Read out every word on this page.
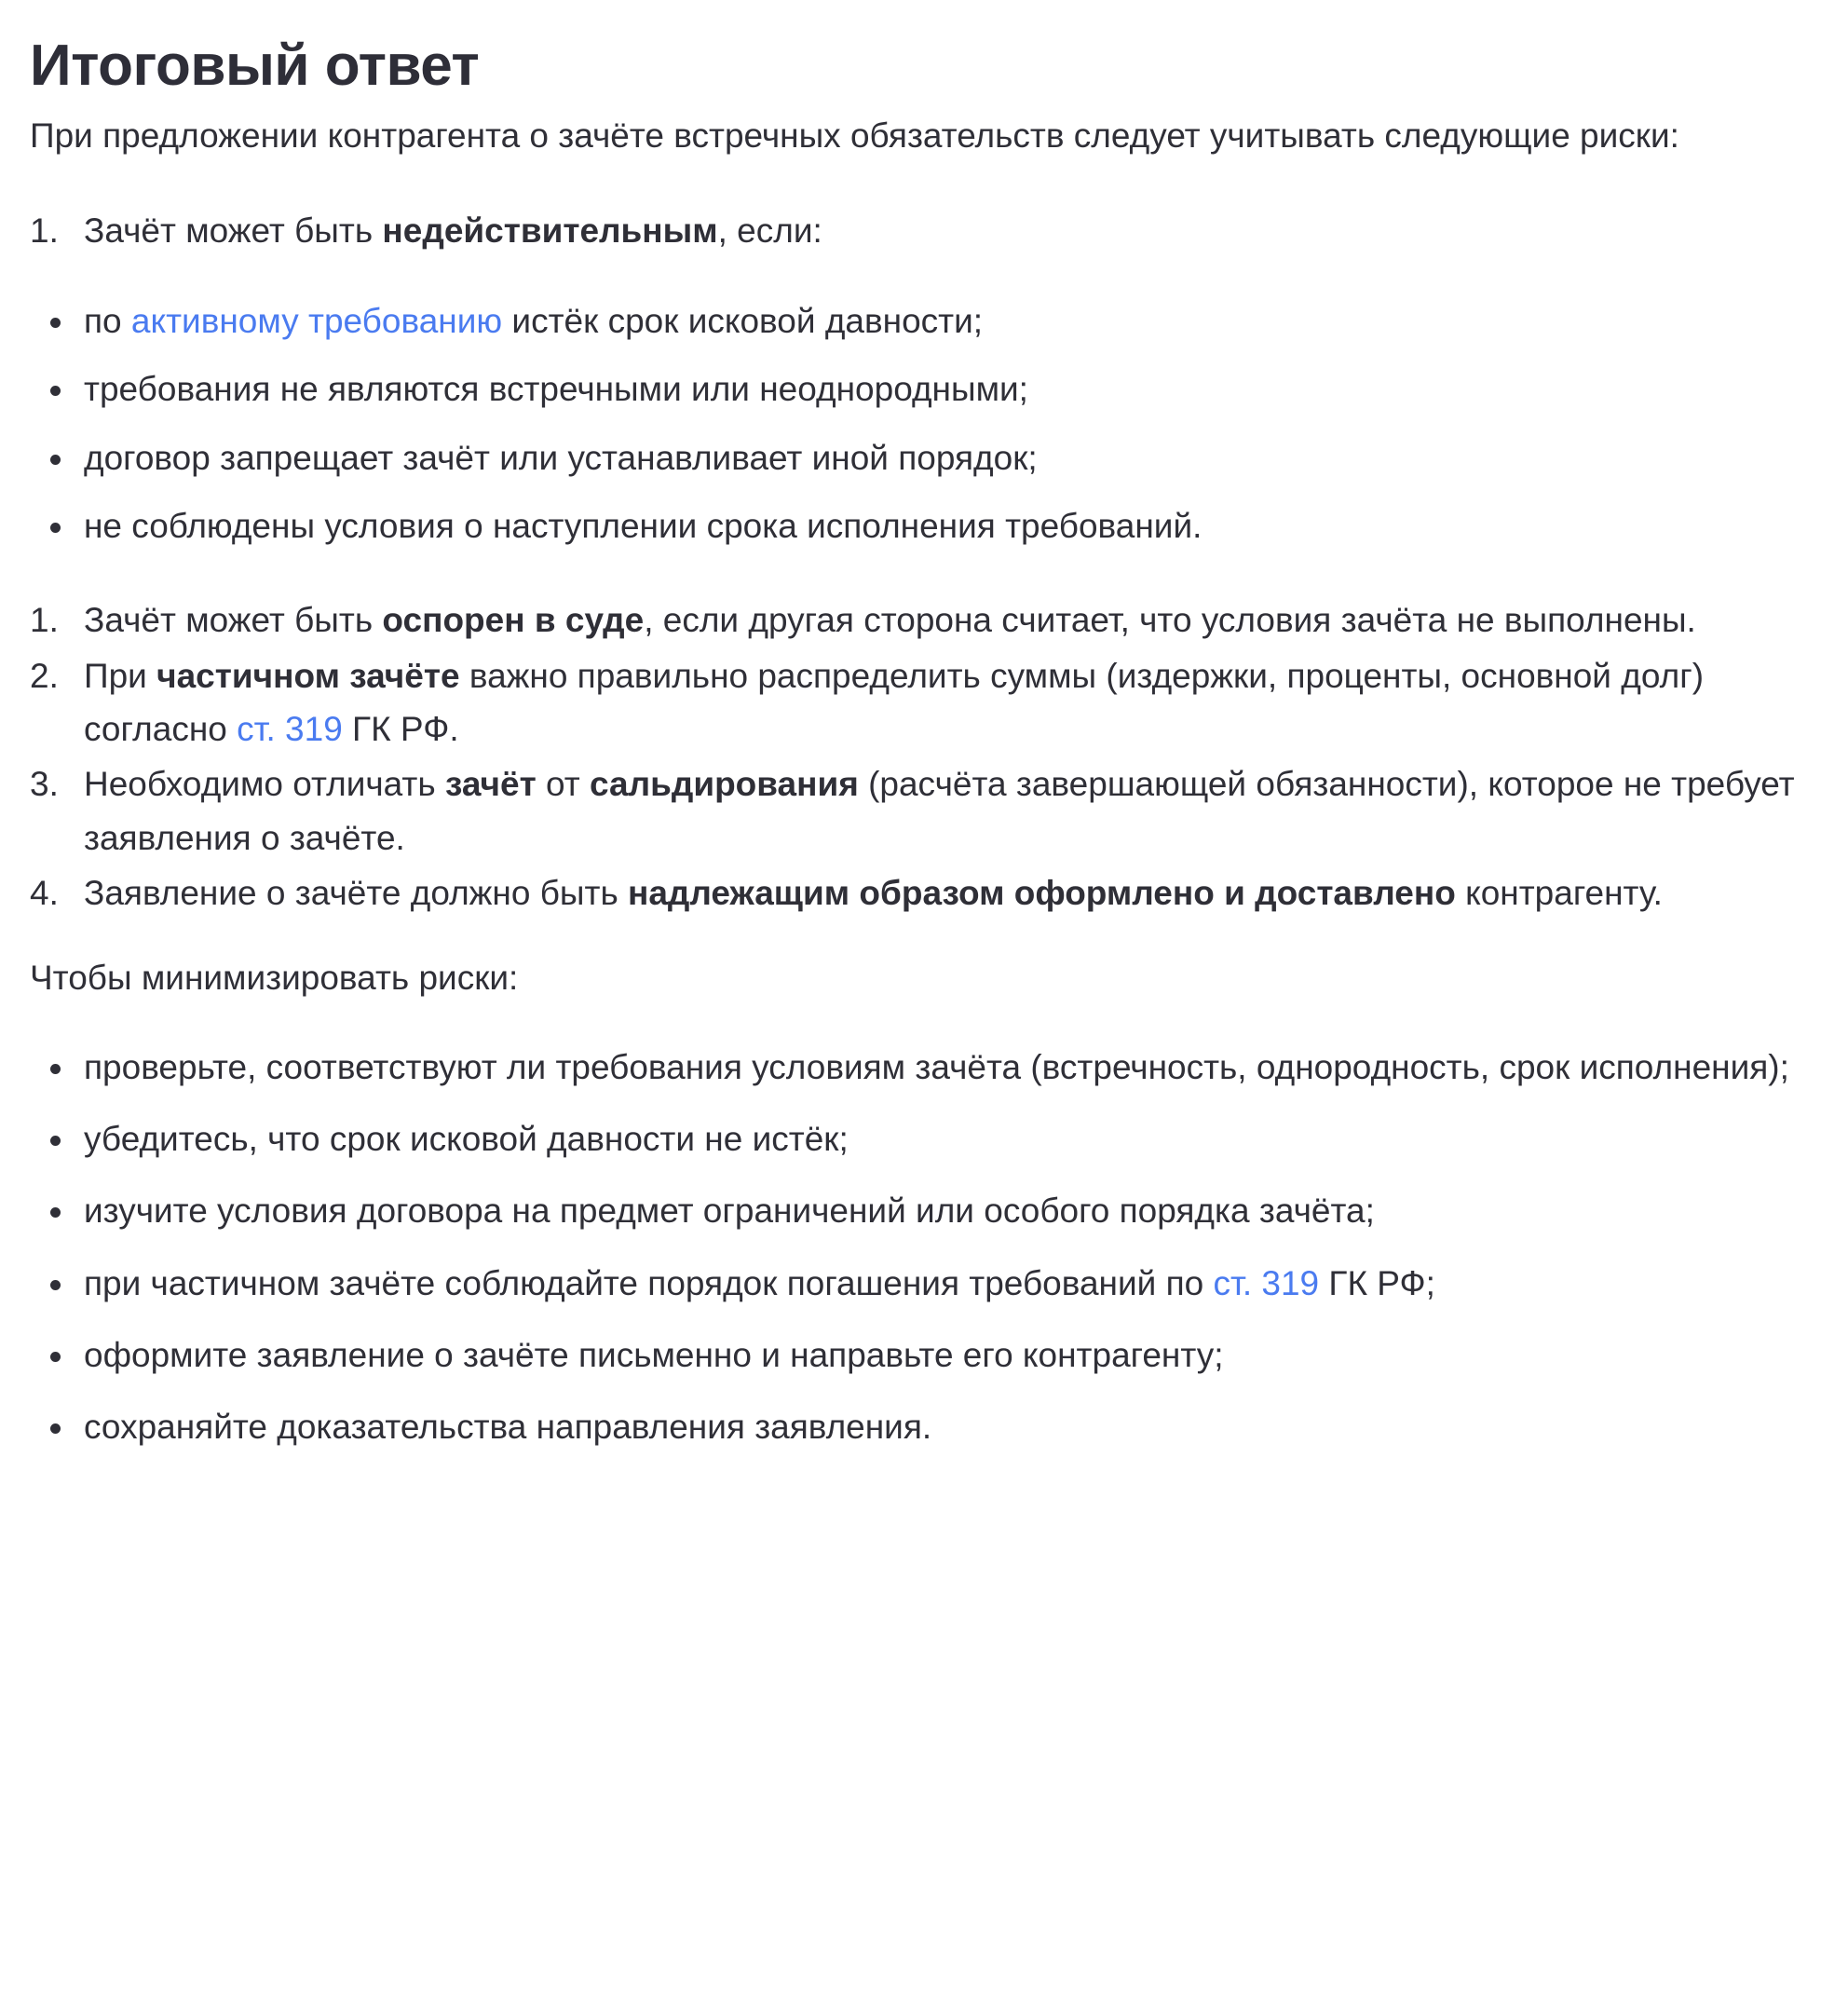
Итоговый ответ

При предложении контрагента о зачёте встречных обязательств следует учитывать следующие риски:

Зачёт может быть недействительным, если:
по активному требованию истёк срок исковой давности;
требования не являются встречными или неоднородными;
договор запрещает зачёт или устанавливает иной порядок;
не соблюдены условия о наступлении срока исполнения требований.
Зачёт может быть оспорен в суде, если другая сторона считает, что условия зачёта не выполнены.
При частичном зачёте важно правильно распределить суммы (издержки, проценты, основной долг) согласно ст. 319 ГК РФ.
Необходимо отличать зачёт от сальдирования (расчёта завершающей обязанности), которое не требует заявления о зачёте.
Заявление о зачёте должно быть надлежащим образом оформлено и доставлено контрагенту.

Чтобы минимизировать риски:

проверьте, соответствуют ли требования условиям зачёта (встречность, однородность, срок исполнения);
убедитесь, что срок исковой давности не истёк;
изучите условия договора на предмет ограничений или особого порядка зачёта;
при частичном зачёте соблюдайте порядок погашения требований по ст. 319 ГК РФ;
оформите заявление о зачёте письменно и направьте его контрагенту;
сохраняйте доказательства направления заявления.
